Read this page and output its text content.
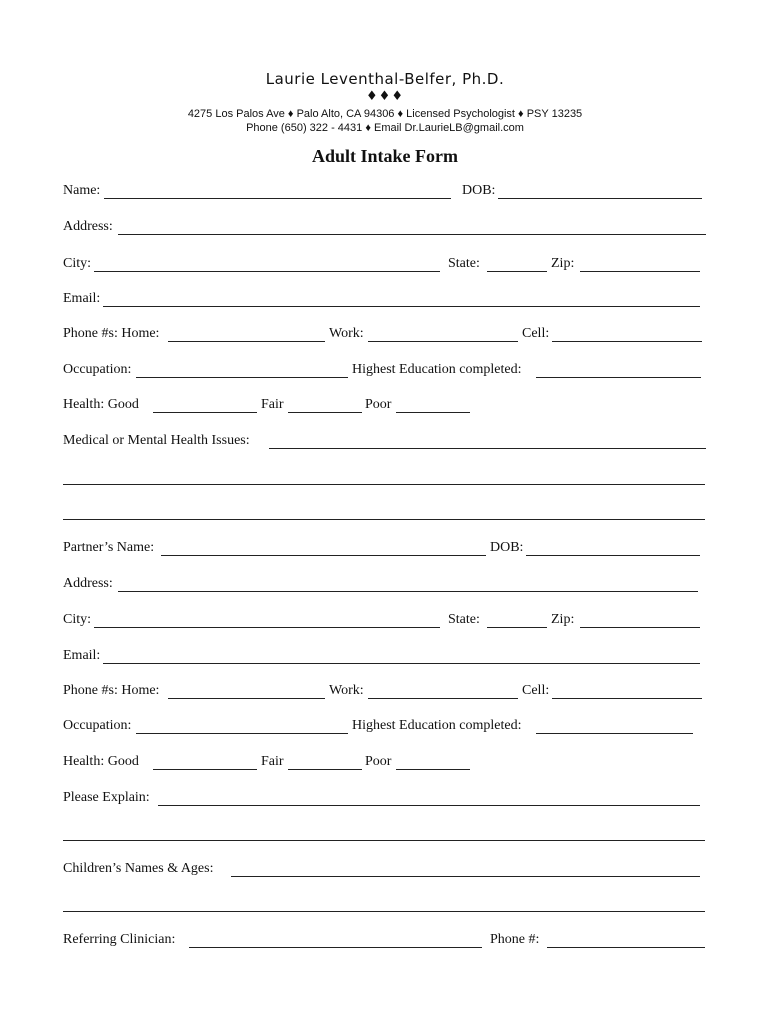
Laurie Leventhal-Belfer, Ph.D.
♦♦♦
4275 Los Palos Ave ♦ Palo Alto, CA 94306 ♦ Licensed Psychologist ♦ PSY 13235
Phone (650) 322 - 4431 ♦ Email Dr.LaurieLB@gmail.com
Adult Intake Form
Name:	DOB:
Address:
City:	State:	Zip:
Email:
Phone #s: Home:	Work:	Cell:
Occupation:	Highest Education completed:
Health: Good	Fair	Poor
Medical or Mental Health Issues:
Partner’s Name:	DOB:
Address:
City:	State:	Zip:
Email:
Phone #s: Home:	Work:	Cell:
Occupation:	Highest Education completed:
Health: Good	Fair	Poor
Please Explain:
Children’s Names & Ages:
Referring Clinician:	Phone #:
